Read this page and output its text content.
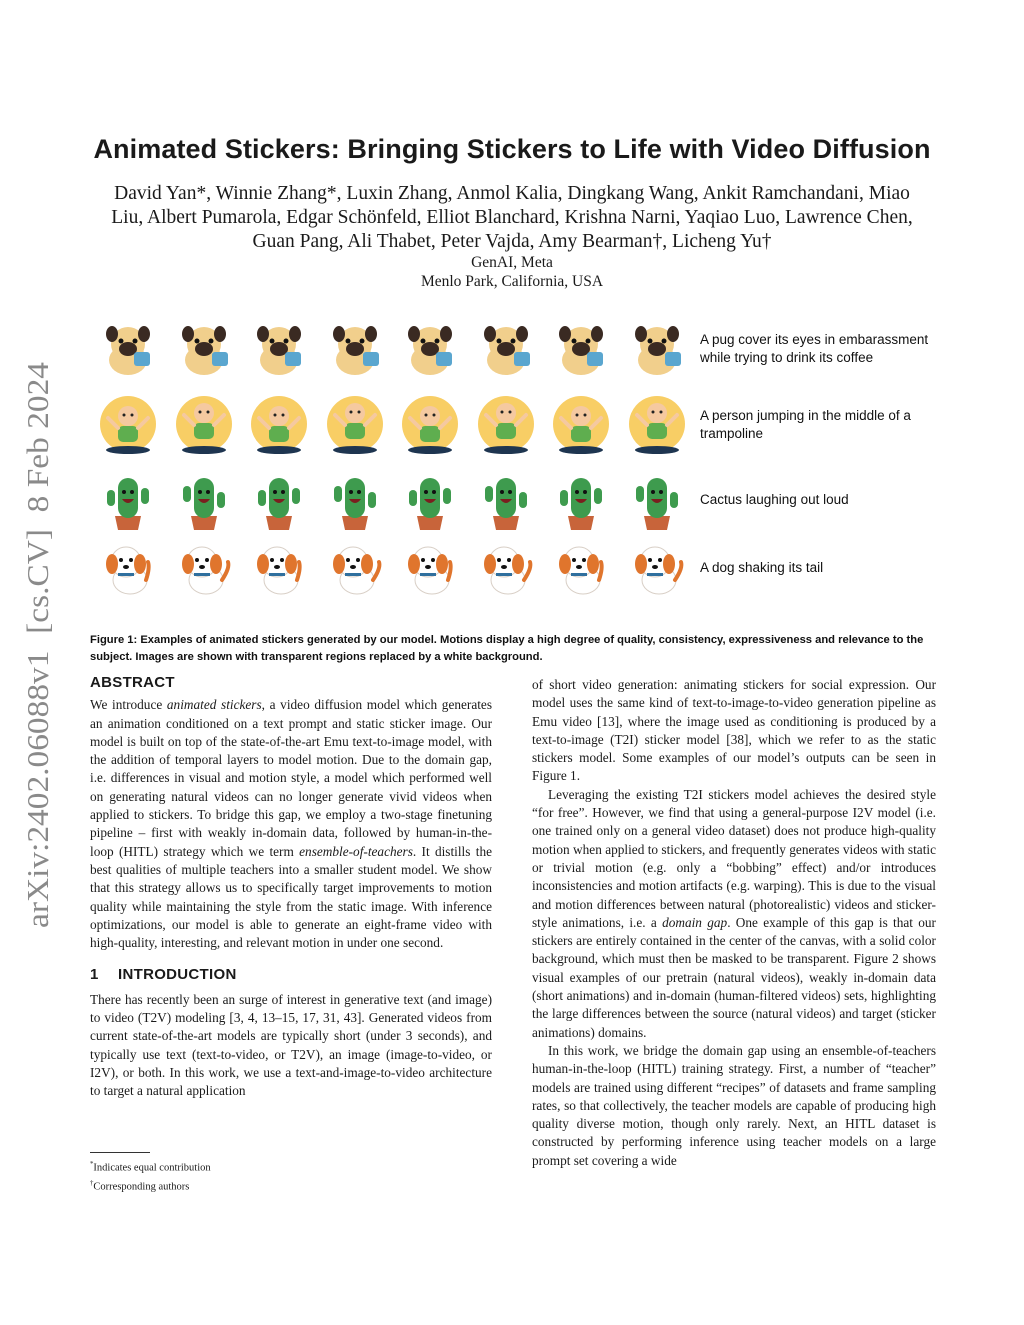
arXiv:2402.06088v1  [cs.CV]  8 Feb 2024
Animated Stickers: Bringing Stickers to Life with Video Diffusion
David Yan*, Winnie Zhang*, Luxin Zhang, Anmol Kalia, Dingkang Wang, Ankit Ramchandani, Miao Liu, Albert Pumarola, Edgar Schönfeld, Elliot Blanchard, Krishna Narni, Yaqiao Luo, Lawrence Chen, Guan Pang, Ali Thabet, Peter Vajda, Amy Bearman†, Licheng Yu†
GenAI, Meta
Menlo Park, California, USA
A pug cover its eyes in embarassment while trying to drink its coffee
A person jumping in the middle of a trampoline
Cactus laughing out loud
A dog shaking its tail
Figure 1: Examples of animated stickers generated by our model. Motions display a high degree of quality, consistency, expressiveness and relevance to the subject. Images are shown with transparent regions replaced by a white background.
ABSTRACT

We introduce animated stickers, a video diffusion model which generates an animation conditioned on a text prompt and static sticker image. Our model is built on top of the state-of-the-art Emu text-to-image model, with the addition of temporal layers to model motion. Due to the domain gap, i.e. differences in visual and motion style, a model which performed well on generating natural videos can no longer generate vivid videos when applied to stickers. To bridge this gap, we employ a two-stage finetuning pipeline – first with weakly in-domain data, followed by human-in-the-loop (HITL) strategy which we term ensemble-of-teachers. It distills the best qualities of multiple teachers into a smaller student model. We show that this strategy allows us to specifically target improvements to motion quality while maintaining the style from the static image. With inference optimizations, our model is able to generate an eight-frame video with high-quality, interesting, and relevant motion in under one second.

1 INTRODUCTION

There has recently been an surge of interest in generative text (and image) to video (T2V) modeling [3, 4, 13–15, 17, 31, 43]. Generated videos from current state-of-the-art models are typically short (under 3 seconds), and typically use text (text-to-video, or T2V), an image (image-to-video, or I2V), or both. In this work, we use a text-and-image-to-video architecture to target a natural application

*Indicates equal contribution
†Corresponding authors

of short video generation: animating stickers for social expression. Our model uses the same kind of text-to-image-to-video generation pipeline as Emu video [13], where the image used as conditioning is produced by a text-to-image (T2I) sticker model [38], which we refer to as the static stickers model. Some examples of our model’s outputs can be seen in Figure 1.

Leveraging the existing T2I stickers model achieves the desired style “for free”. However, we find that using a general-purpose I2V model (i.e. one trained only on a general video dataset) does not produce high-quality motion when applied to stickers, and frequently generates videos with static or trivial motion (e.g. only a “bobbing” effect) and/or introduces inconsistencies and motion artifacts (e.g. warping). This is due to the visual and motion differences between natural (photorealistic) videos and sticker-style animations, i.e. a domain gap. One example of this gap is that our stickers are entirely contained in the center of the canvas, with a solid color background, which must then be masked to be transparent. Figure 2 shows visual examples of our pretrain (natural videos), weakly in-domain data (short animations) and in-domain (human-filtered videos) sets, highlighting the large differences between the source (natural videos) and target (sticker animations) domains.

In this work, we bridge the domain gap using an ensemble-of-teachers human-in-the-loop (HITL) training strategy. First, a number of “teacher” models are trained using different “recipes” of datasets and frame sampling rates, so that collectively, the teacher models are capable of producing high quality diverse motion, though only rarely. Next, an HITL dataset is constructed by performing inference using teacher models on a large prompt set covering a wide
